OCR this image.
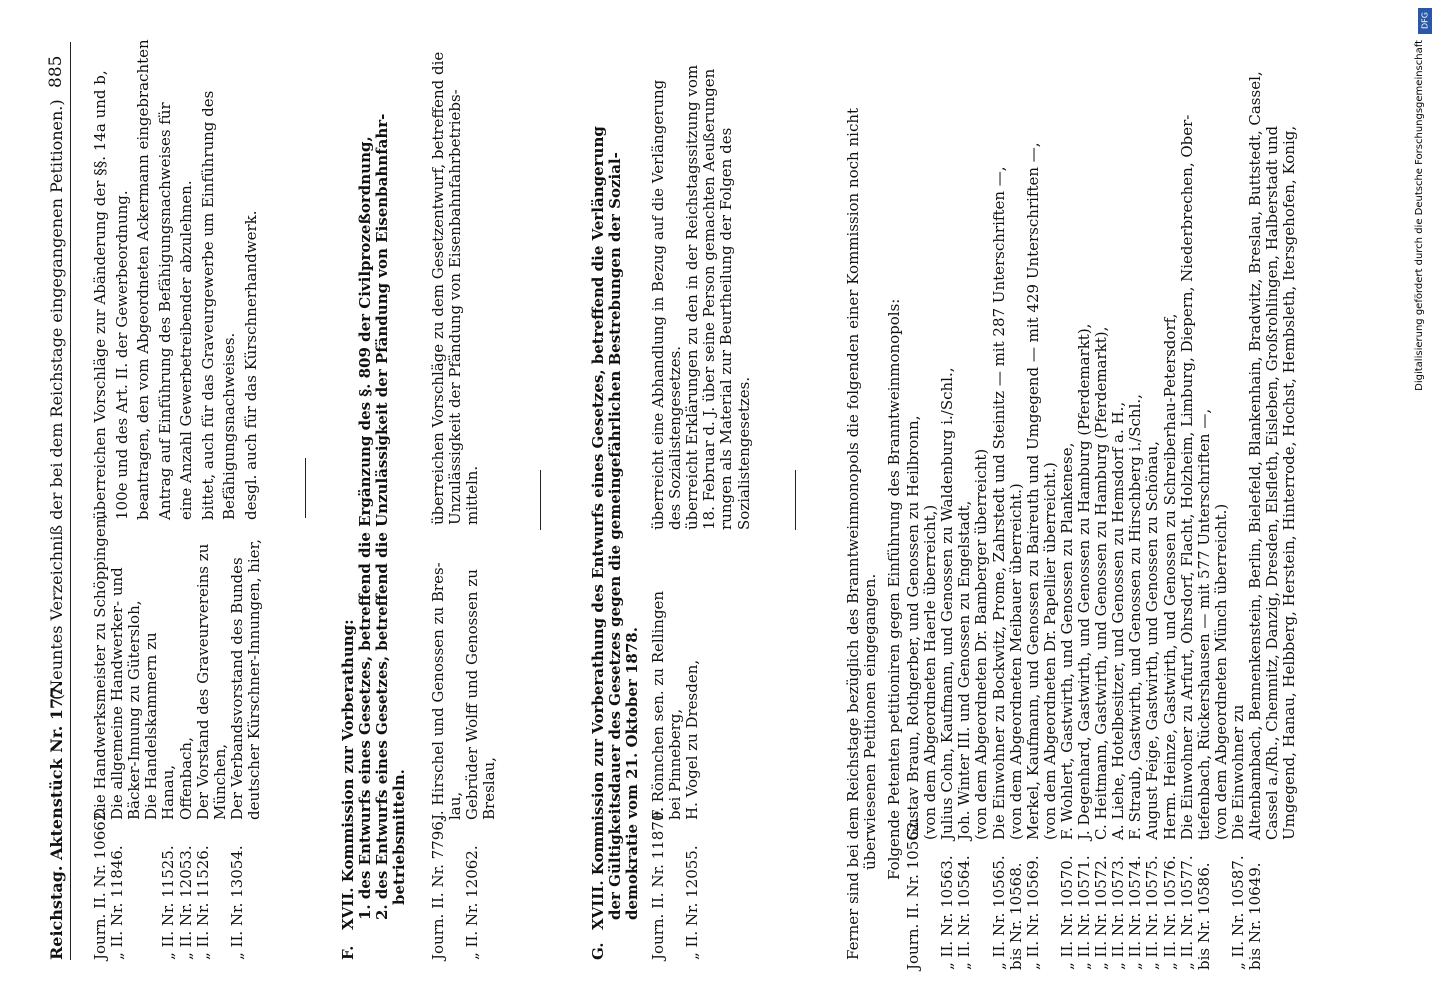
Reichstag. Aktenstück Nr. 177.
(Neuntes Verzeichniß der bei dem Reichstage eingegangenen Petitionen.)
885
Journ. II. Nr. 10662.
Die Handwerksmeister zu Schöppingen,
„ II. Nr. 11846.
Die allgemeine Handwerker- und Bäcker-Innung zu Gütersloh, Die Handelskammern zu
„ II. Nr. 11525.
Hanau,
„ II. Nr. 12053.
Offenbach,
„ II. Nr. 11526.
Der Vorstand des Graveurvereins zu München,
„ II. Nr. 13054.
Der Verbandsvorstand des Bundes deutscher Kürschner-Innungen, hier,
überreichen Vorschläge zur Abänderung der §§. 14a und b, 100e und des Art. II. der Gewerbeordnung. beantragen, den vom Abgeordneten Ackermann eingebrachten Antrag auf Einführung des Befähigungsnachweises für eine Anzahl Gewerbetreibender abzulehnen. bittet, auch für das Graveurgewerbe um Einführung des Befähigungsnachweises. desgl. auch für das Kürschnerhandwerk.
F.
XVII. Kommission zur Vorberathung: 1. des Entwurfs eines Gesetzes, betreffend die Ergänzung des §. 809 der Civilprozeßordnung, 2. des Entwurfs eines Gesetzes, betreffend die Unzulässigkeit der Pfändung von Eisenbahnfahr- betriebsmitteln. Journ. II. Nr. 7796.
J. Hirschel und Genossen zu Bres- lau,
„ II. Nr. 12062.
Gebrüder Wolff und Genossen zu Breslau,
überreichen Vorschläge zu dem Gesetzentwurf, betreffend die Unzulässigkeit der Pfändung von Eisenbahnfahrbetriebs- mitteln.
G.
XVIII. Kommission zur Vorberathung des Entwurfs eines Gesetzes, betreffend die Verlängerung der Gültigkeitsdauer des Gesetzes gegen die gemeingefährlichen Bestrebungen der Sozial- demokratie vom 21. Oktober 1878. Journ. II. Nr. 11870.
F. Rönnchen sen. zu Rellingen bei Pinneberg,
„ II. Nr. 12055.
H. Vogel zu Dresden,
überreicht eine Abhandlung in Bezug auf die Verlängerung des Sozialistengesetzes. überreicht Erklärungen zu den in der Reichstagssitzung vom 18. Februar d. J. über seine Person gemachten Aeußerungen rungen als Material zur Beurtheilung der Folgen des Sozialistengesetzes.	Ferner sind bei dem Reichstage bezüglich des Branntweinmonopols die folgenden einer Kommission noch nicht überwiesenen Petitionen eingegangen. Folgende Petenten petitioniren gegen Einführung des Branntweinmonopols:
Journ. II. Nr. 10562.
Gustav Braun, Rothgerber, und Genossen zu Heilbronn, (von dem Abgeordneten Haerle überreicht,)
„ II. Nr. 10563.
Julius Cohn, Kaufmann, und Genossen zu Waldenburg i./Schl.,
„ II. Nr. 10564.
Joh. Winter III. und Genossen zu Engelstadt, (von dem Abgeordneten Dr. Bamberger überreicht)
„ II. Nr. 10565.
Die Einwohner zu Bockwitz, Prome, Zahrstedt und Steinitz — mit 287 Unterschriften —,
bis Nr. 10568.
(von dem Abgeordneten Meibauer überreicht.)
„ II. Nr. 10569.
Merkel, Kaufmann, und Genossen zu Baireuth und Umgegend — mit 429 Unterschriften —, (von dem Abgeordneten Dr. Papellier überreicht.)
„ II. Nr. 10570.
F. Wohlert, Gastwirth, und Genossen zu Plankenese,
„ II. Nr. 10571.
J. Degenhard, Gastwirth, und Genossen zu Hamburg (Pferdemarkt),
„ II. Nr. 10572.
C. Heitmann, Gastwirth, und Genossen zu Hamburg (Pferdemarkt),
„ II. Nr. 10573.
A. Liehe, Hotelbesitzer, und Genossen zu Hemsdorf a. H.,
„ II. Nr. 10574.
F. Straub, Gastwirth, und Genossen zu Hirschberg i./Schl.,
„ II. Nr. 10575.
August Feige, Gastwirth, und Genossen zu Schönau,
„ II. Nr. 10576.
Herm. Heinze, Gastwirth, und Genossen zu Schreiberhau-Petersdorf,
„ II. Nr. 10577.
Die Einwohner zu Arfurt, Ohrsdorf, Flacht, Holzheim, Limburg, Diepern, Niederbrechen, Ober-
bis Nr. 10586.
tiefenbach, Rückershausen — mit 577 Unterschriften —, (von dem Abgeordneten Münch überreicht.)
„ II. Nr. 10587.
Die Einwohner zu
bis Nr. 10649.
Altenbambach, Bennenkenstein, Berlin, Bielefeld, Blankenhain, Bradwitz, Breslau, Buttstedt, Cassel, Cassel a./Rh., Chemnitz, Danzig, Dresden, Elsfleth, Eisleben, Großrohlingen, Halberstadt und Umgegend, Hanau, Helbberg, Herstein, Hinterrode, Hochst, Hembsleth, Itersgehofen, Konig,
DFG
Digitalisierung gefördert durch die Deutsche Forschungsgemeinschaft
